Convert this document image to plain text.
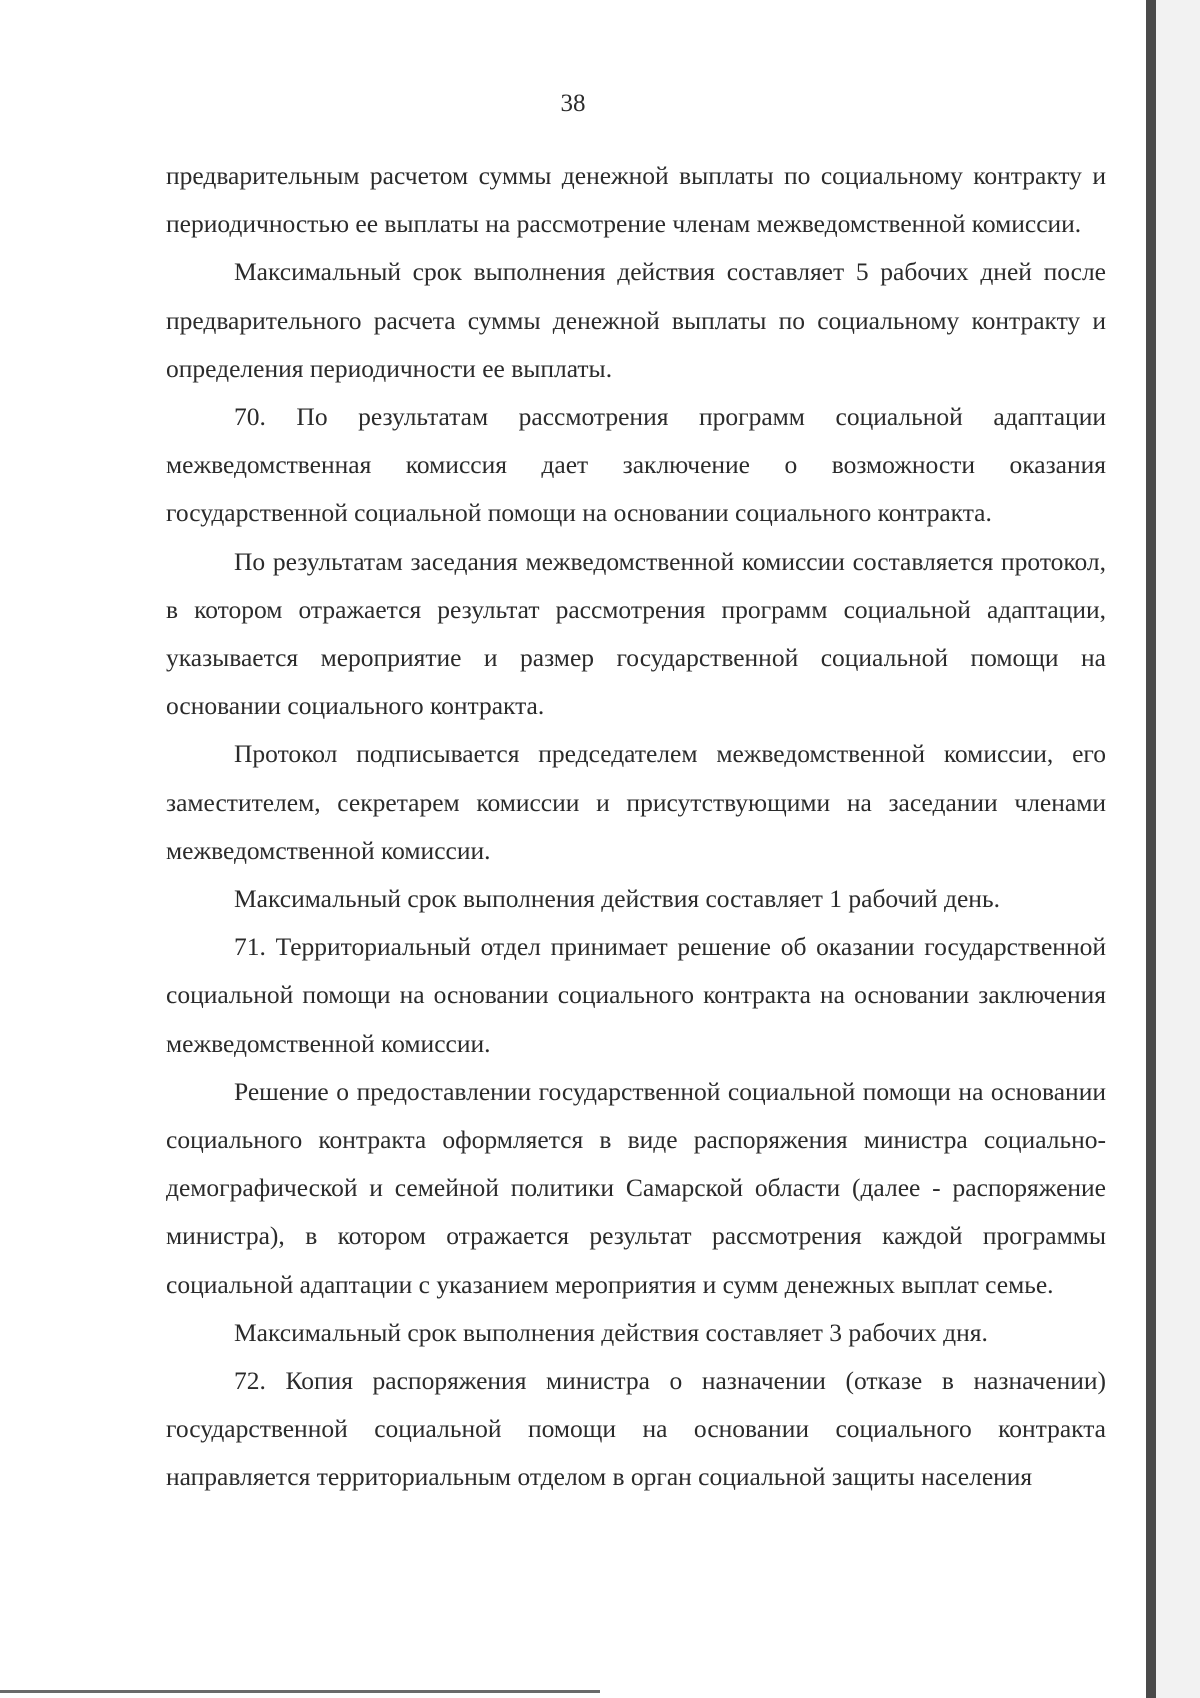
38

предварительным расчетом суммы денежной выплаты по социальному контракту и периодичностью ее выплаты на рассмотрение членам межведомственной комиссии.

Максимальный срок выполнения действия составляет 5 рабочих дней после предварительного расчета суммы денежной выплаты по социальному контракту и определения периодичности ее выплаты.

70. По результатам рассмотрения программ социальной адаптации межведомственная комиссия дает заключение о возможности оказания государственной социальной помощи на основании социального контракта.

По результатам заседания межведомственной комиссии составляется протокол, в котором отражается результат рассмотрения программ социальной адаптации, указывается мероприятие и размер государственной социальной помощи на основании социального контракта.

Протокол подписывается председателем межведомственной комиссии, его заместителем, секретарем комиссии и присутствующими на заседании членами межведомственной комиссии.

Максимальный срок выполнения действия составляет 1 рабочий день.

71. Территориальный отдел принимает решение об оказании государственной социальной помощи на основании социального контракта на основании заключения межведомственной комиссии.

Решение о предоставлении государственной социальной помощи на основании социального контракта оформляется в виде распоряжения министра социально-демографической и семейной политики Самарской области (далее - распоряжение министра), в котором отражается результат рассмотрения каждой программы социальной адаптации с указанием мероприятия и сумм денежных выплат семье.

Максимальный срок выполнения действия составляет 3 рабочих дня.

72. Копия распоряжения министра о назначении (отказе в назначении) государственной социальной помощи на основании социального контракта направляется территориальным отделом в орган социальной защиты населения
